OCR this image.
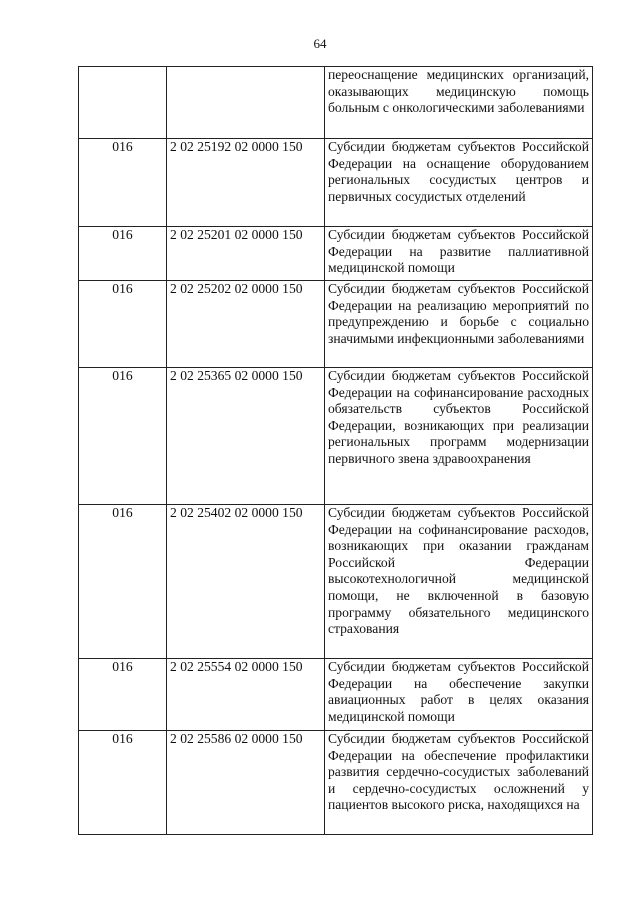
64
		переоснащение медицинских организаций, оказывающих медицинскую помощь больным с онкологическими заболеваниями
016	2 02 25192 02 0000 150	Субсидии бюджетам субъектов Российской Федерации на оснащение оборудованием региональных сосудистых центров и первичных сосудистых отделений
016	2 02 25201 02 0000 150	Субсидии бюджетам субъектов Российской Федерации на развитие паллиативной медицинской помощи
016	2 02 25202 02 0000 150	Субсидии бюджетам субъектов Российской Федерации на реализацию мероприятий по предупреждению и борьбе с социально значимыми инфекционными заболеваниями
016	2 02 25365 02 0000 150	Субсидии бюджетам субъектов Российской Федерации на софинансирование расходных обязательств субъектов Российской Федерации, возникающих при реализации региональных программ модернизации первичного звена здравоохранения
016	2 02 25402 02 0000 150	Субсидии бюджетам субъектов Российской Федерации на софинансирование расходов, возникающих при оказании гражданам Российской Федерации высокотехнологичной медицинской помощи, не включенной в базовую программу обязательного медицинского страхования
016	2 02 25554 02 0000 150	Субсидии бюджетам субъектов Российской Федерации на обеспечение закупки авиационных работ в целях оказания медицинской помощи
016	2 02 25586 02 0000 150	Субсидии бюджетам субъектов Российской Федерации на обеспечение профилактики развития сердечно-сосудистых заболеваний и сердечно-сосудистых осложнений у пациентов высокого риска, находящихся на
